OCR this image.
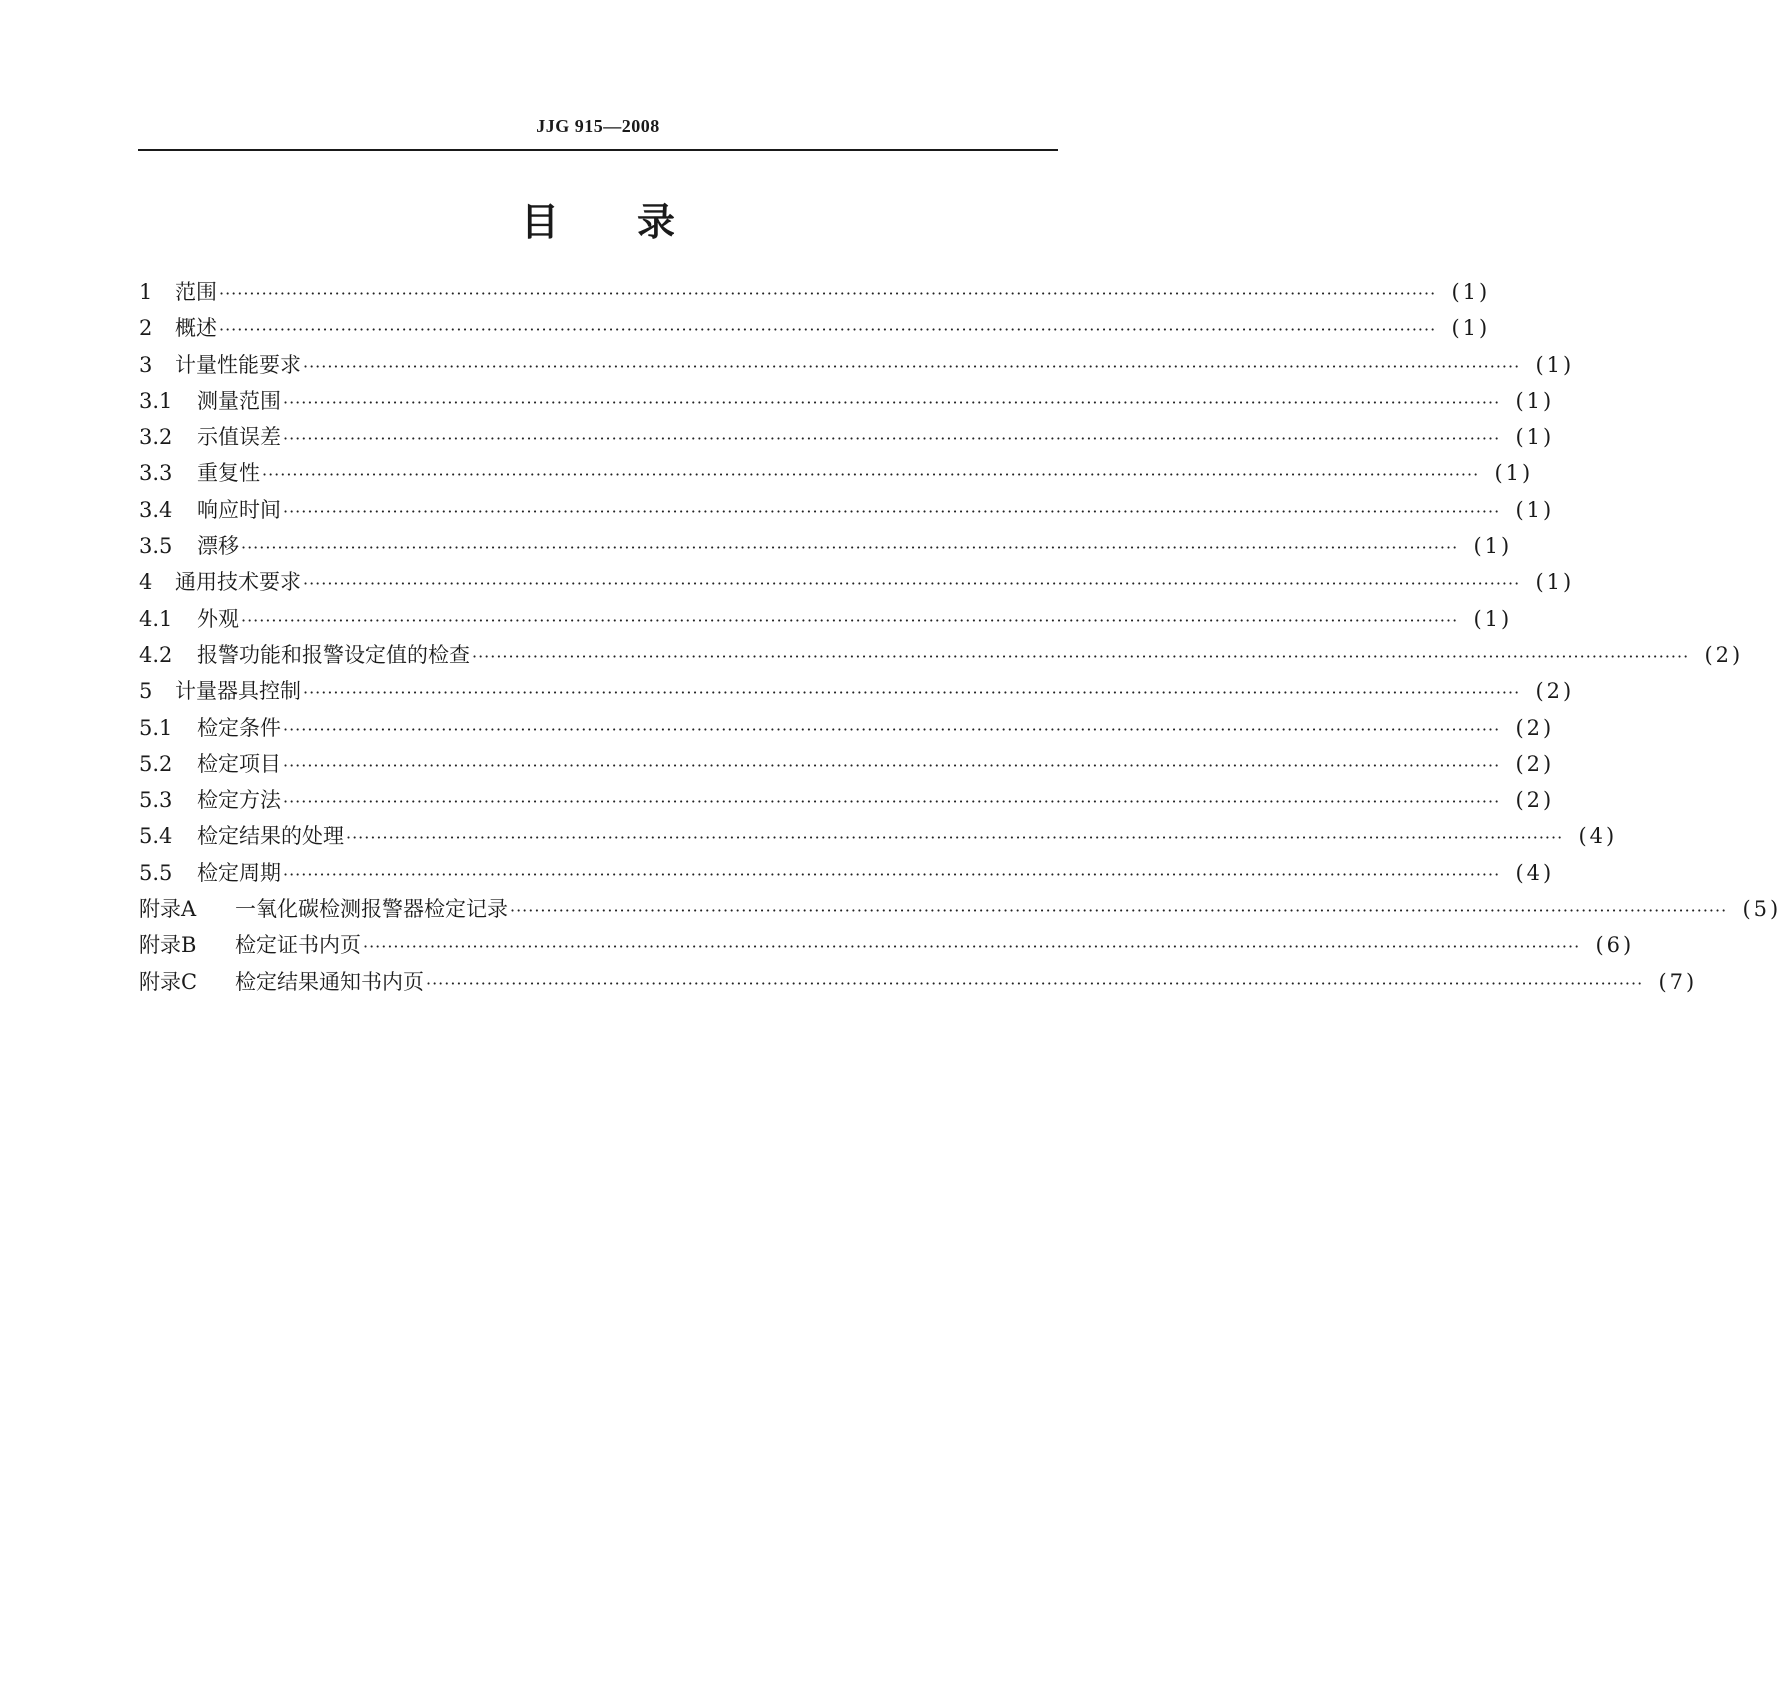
JJG 915—2008
目录
1	范围 ········································································································································································································ (1)
2	概述 ········································································································································································································ (1)
3	计量性能要求 ········································································································································································································ (1)
3.1	测量范围 ········································································································································································································ (1)
3.2	示值误差 ········································································································································································································ (1)
3.3	重复性 ········································································································································································································ (1)
3.4	响应时间 ········································································································································································································ (1)
3.5	漂移 ········································································································································································································ (1)
4	通用技术要求 ········································································································································································································ (1)
4.1	外观 ········································································································································································································ (1)
4.2	报警功能和报警设定值的检查 ········································································································································································································ (2)
5	计量器具控制 ········································································································································································································ (2)
5.1	检定条件 ········································································································································································································ (2)
5.2	检定项目 ········································································································································································································ (2)
5.3	检定方法 ········································································································································································································ (2)
5.4	检定结果的处理 ········································································································································································································ (4)
5.5	检定周期 ········································································································································································································ (4)
附录A	一氧化碳检测报警器检定记录 ········································································································································································································ (5)
附录B	检定证书内页 ········································································································································································································ (6)
附录C	检定结果通知书内页 ········································································································································································································ (7)
